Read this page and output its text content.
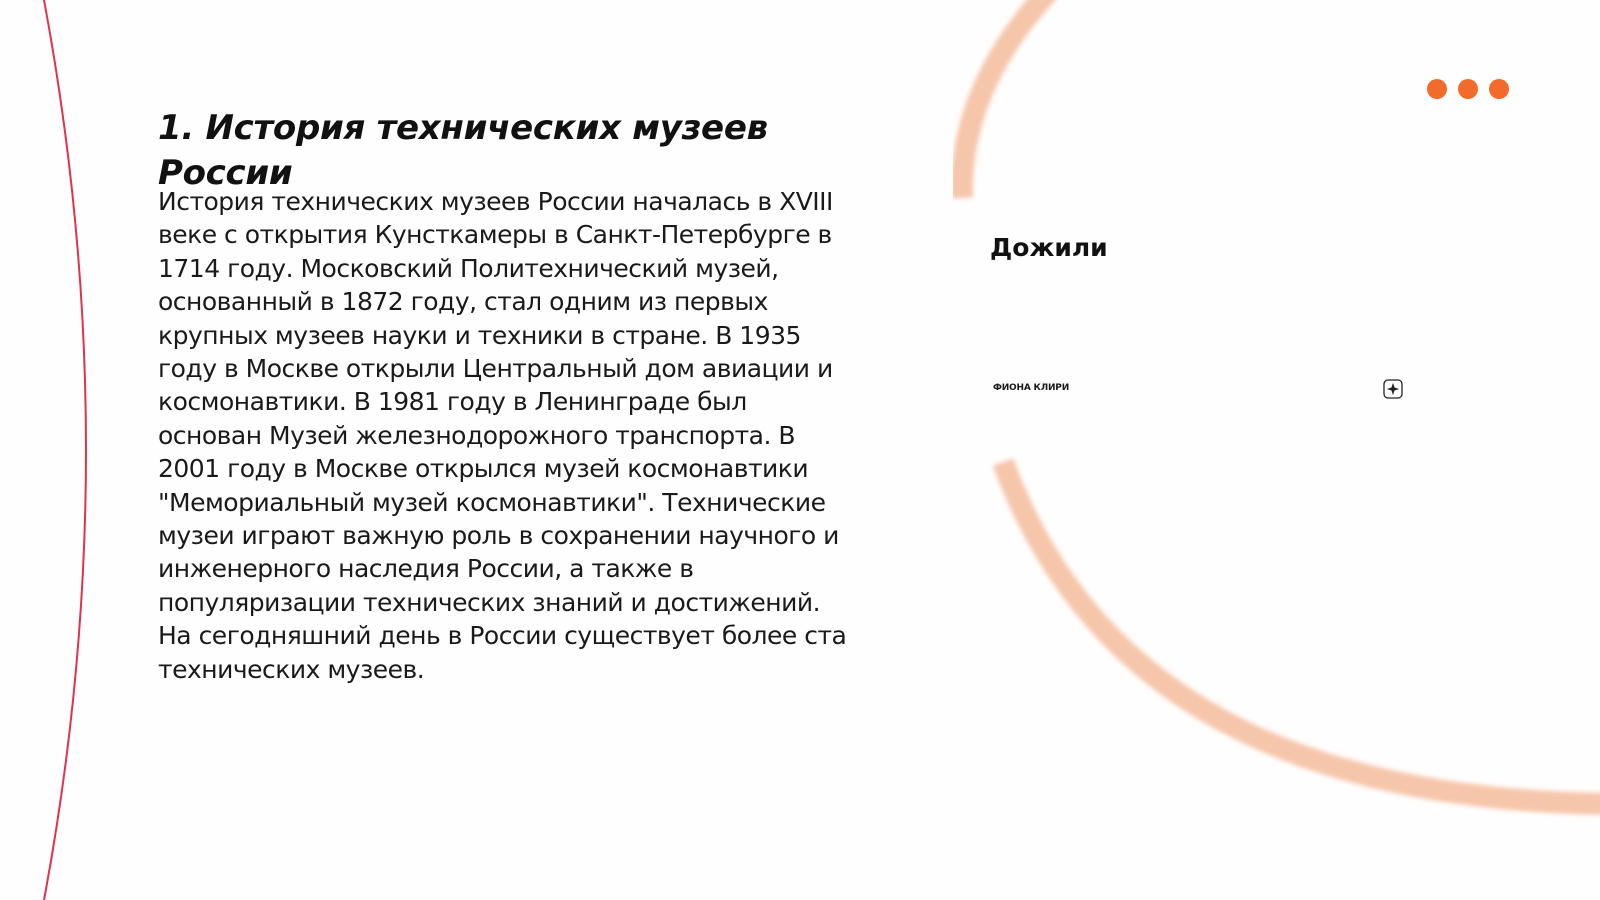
1. История технических музеев России

История технических музеев России началась в XVIII веке с открытия Кунсткамеры в Санкт-Петербурге в 1714 году. Московский Политехнический музей, основанный в 1872 году, стал одним из первых крупных музеев науки и техники в стране. В 1935 году в Москве открыли Центральный дом авиации и космонавтики. В 1981 году в Ленинграде был основан Музей железнодорожного транспорта. В 2001 году в Москве открылся музей космонавтики "Мемориальный музей космонавтики". Технические музеи играют важную роль в сохранении научного и инженерного наследия России, а также в популяризации технических знаний и достижений. На сегодняшний день в России существует более ста технических музеев.

Дожили
ФИОНА КЛИРИ
